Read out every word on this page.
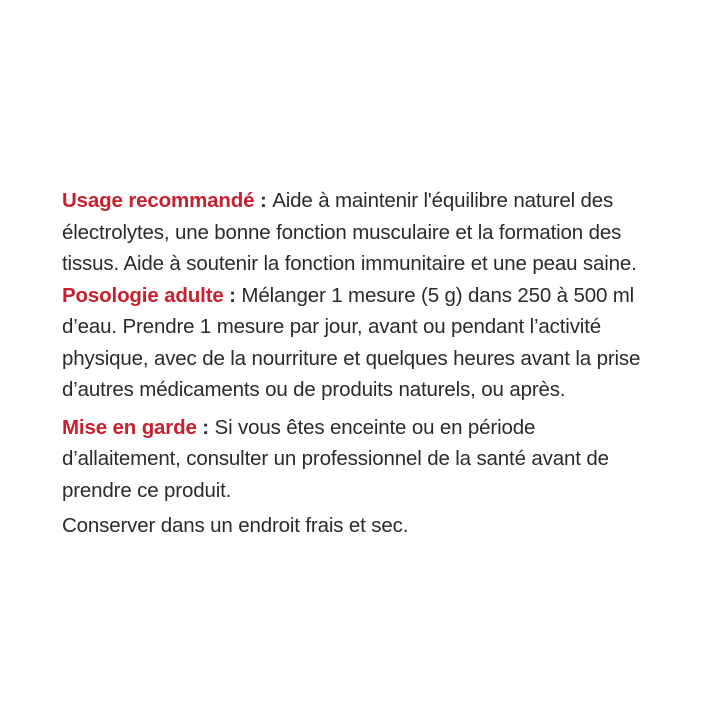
Usage recommandé : Aide à maintenir l'équilibre naturel des
électrolytes, une bonne fonction musculaire et la formation des
tissus. Aide à soutenir la fonction immunitaire et une peau saine.
Posologie adulte : Mélanger 1 mesure (5 g) dans 250 à 500 ml
d’eau. Prendre 1 mesure par jour, avant ou pendant l’activité
physique, avec de la nourriture et quelques heures avant la prise
d’autres médicaments ou de produits naturels, ou après.
Mise en garde : Si vous êtes enceinte ou en période
d’allaitement, consulter un professionnel de la santé avant de
prendre ce produit.
Conserver dans un endroit frais et sec.
